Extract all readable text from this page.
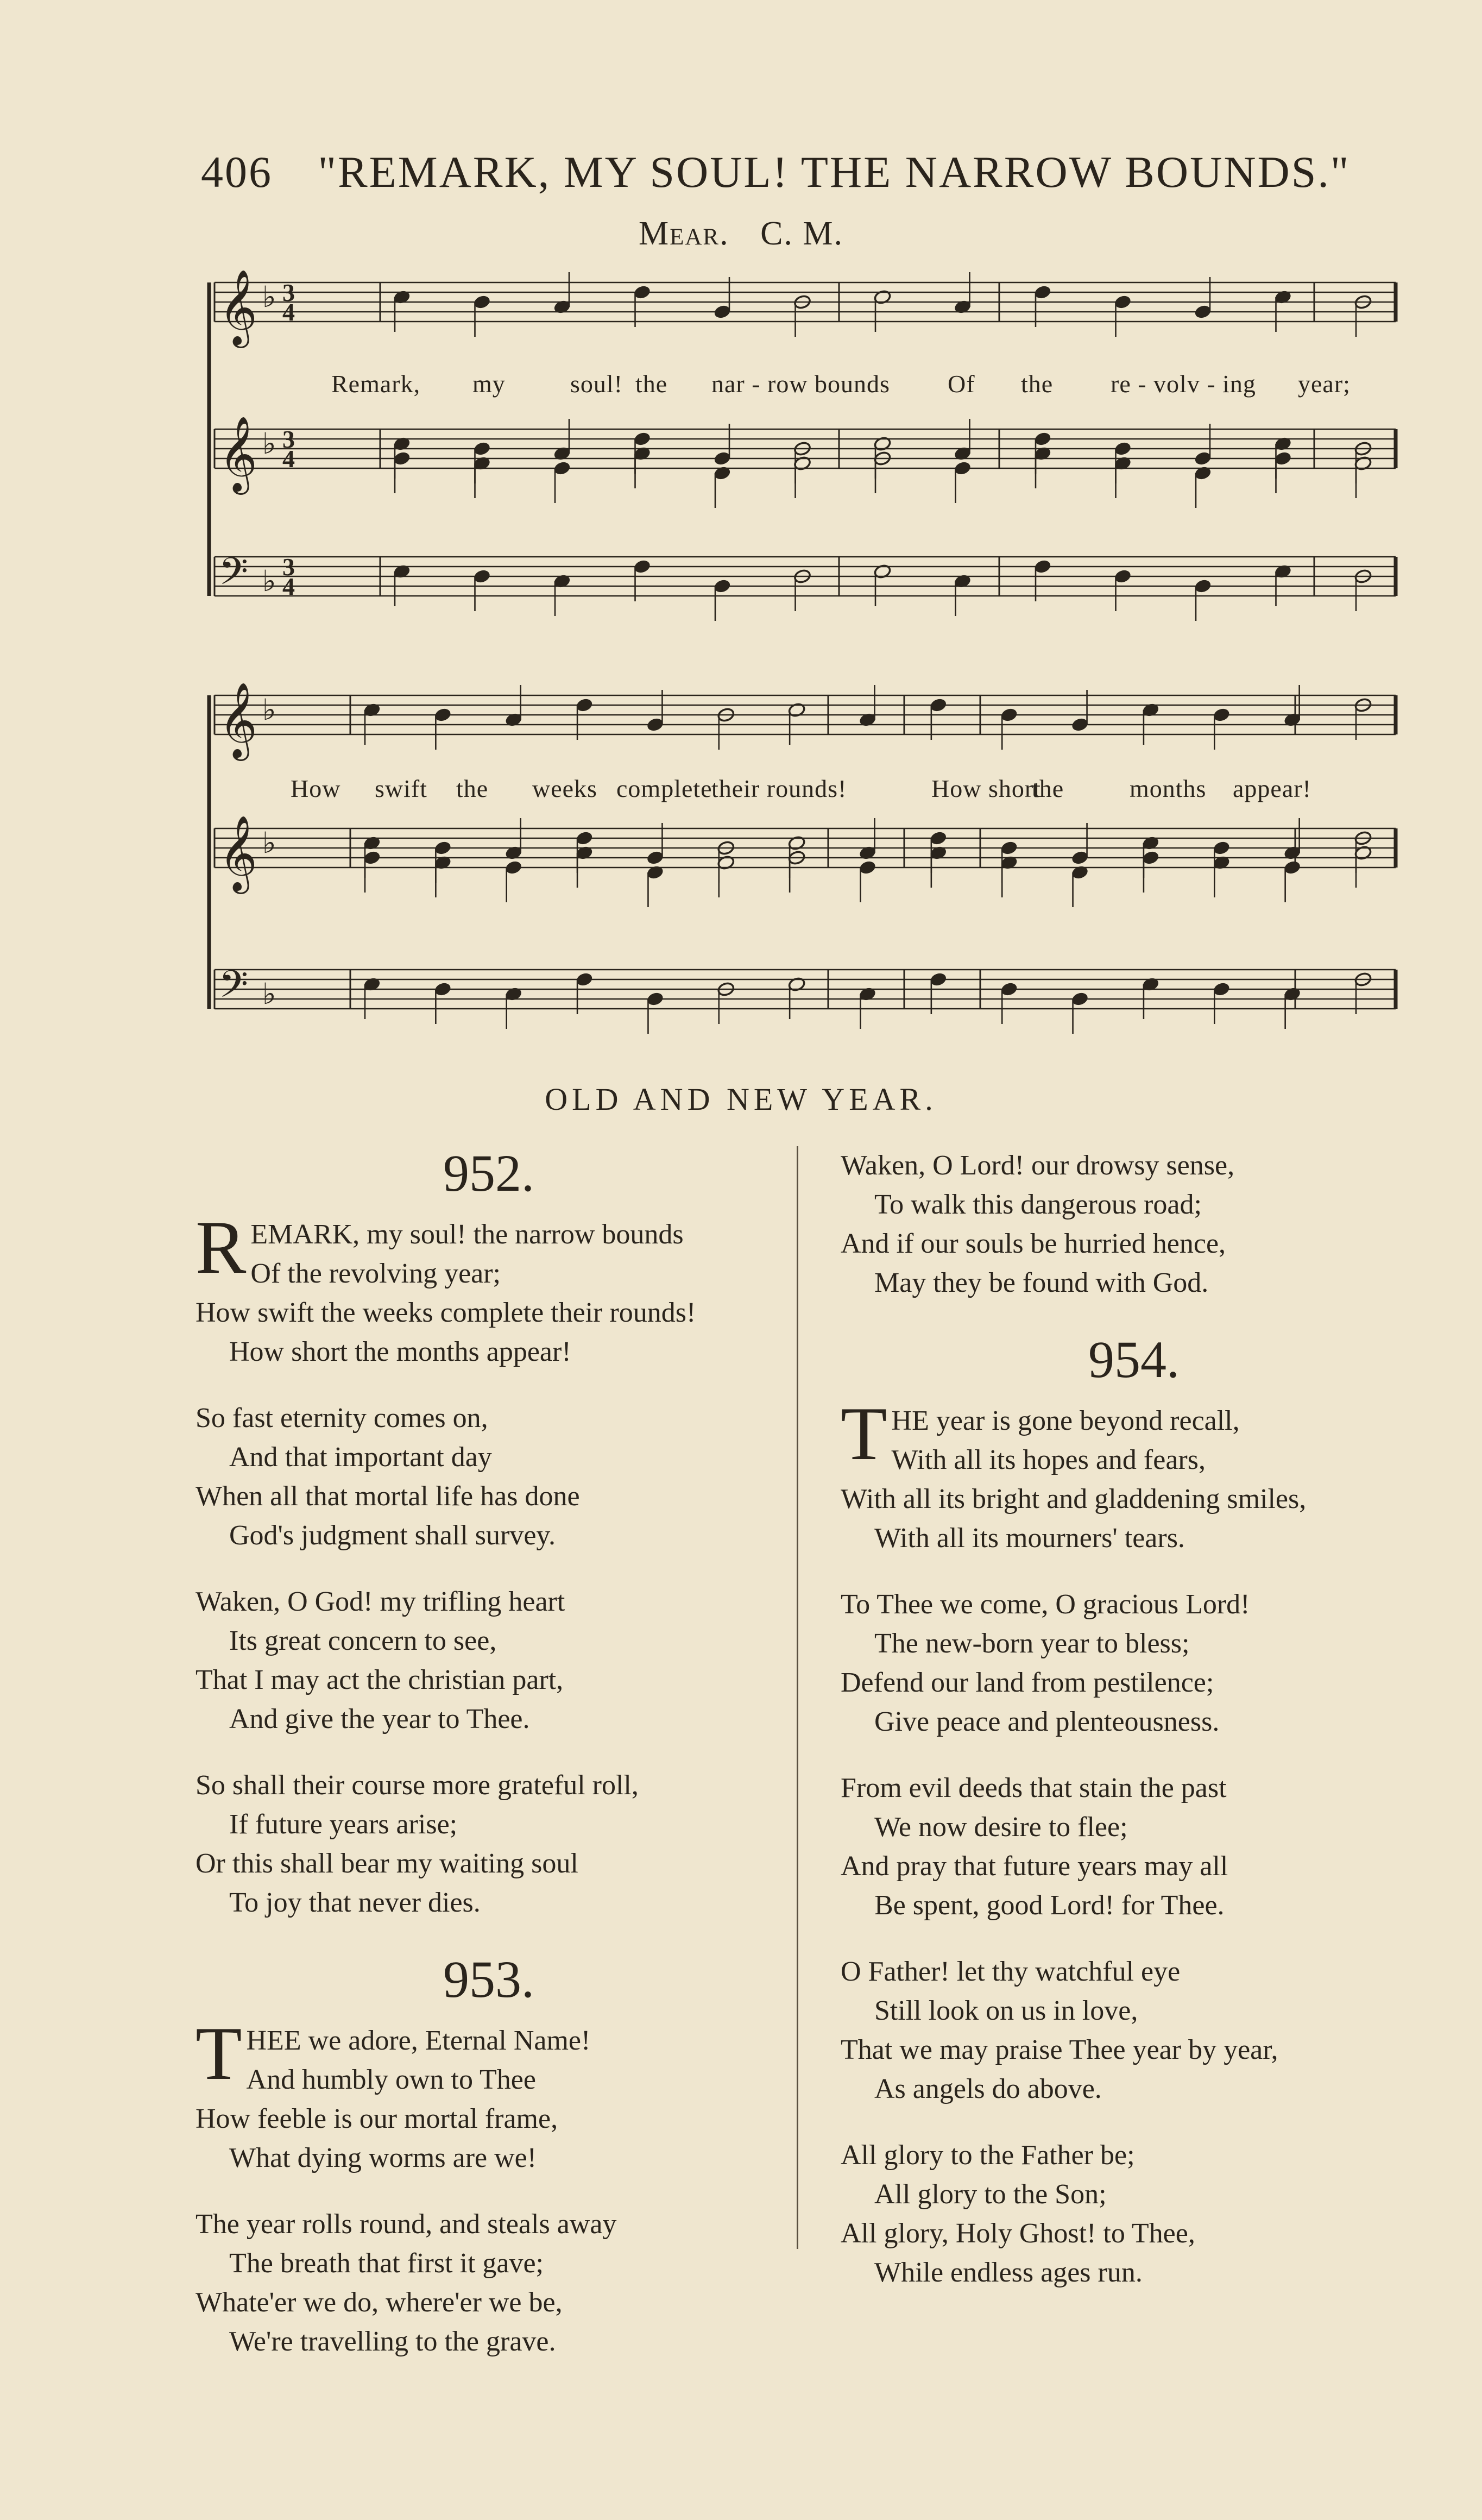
406 "REMARK, MY SOUL! THE NARROW BOUNDS."
Mear. C. M.
𝄞 ♭ 3
4
𝄞 ♭ 3
4
𝄢 ♭ 3
4
𝄞 ♭
𝄞 ♭
𝄢 ♭
Remark, my	soul! the nar - row bounds Of the re - volv - ing year;
How swift the weeks complete
their rounds!	How short
the	months appear!
OLD AND NEW YEAR.
952.
R EMARK, my soul! the narrow bounds
Of the revolving year;
How swift the weeks complete their rounds!
How short the months appear!
So fast eternity comes on,
And that important day
When all that mortal life has done
God's judgment shall survey.
Waken, O God! my trifling heart
Its great concern to see,
That I may act the christian part,
And give the year to Thee.
So shall their course more grateful roll,
If future years arise;
Or this shall bear my waiting soul
To joy that never dies.
953.
T HEE we adore, Eternal Name!
And humbly own to Thee
How feeble is our mortal frame,
What dying worms are we!
The year rolls round, and steals away
The breath that first it gave;
Whate'er we do, where'er we be,
We're travelling to the grave.
Waken, O Lord! our drowsy sense,
To walk this dangerous road;
And if our souls be hurried hence,
May they be found with God.
954.
T HE year is gone beyond recall,
With all its hopes and fears,
With all its bright and gladdening smiles,
With all its mourners' tears.
To Thee we come, O gracious Lord!
The new-born year to bless;
Defend our land from pestilence;
Give peace and plenteousness.
From evil deeds that stain the past
We now desire to flee;
And pray that future years may all
Be spent, good Lord! for Thee.
O Father! let thy watchful eye
Still look on us in love,
That we may praise Thee year by year,
As angels do above.
All glory to the Father be;
All glory to the Son;
All glory, Holy Ghost! to Thee,
While endless ages run.
